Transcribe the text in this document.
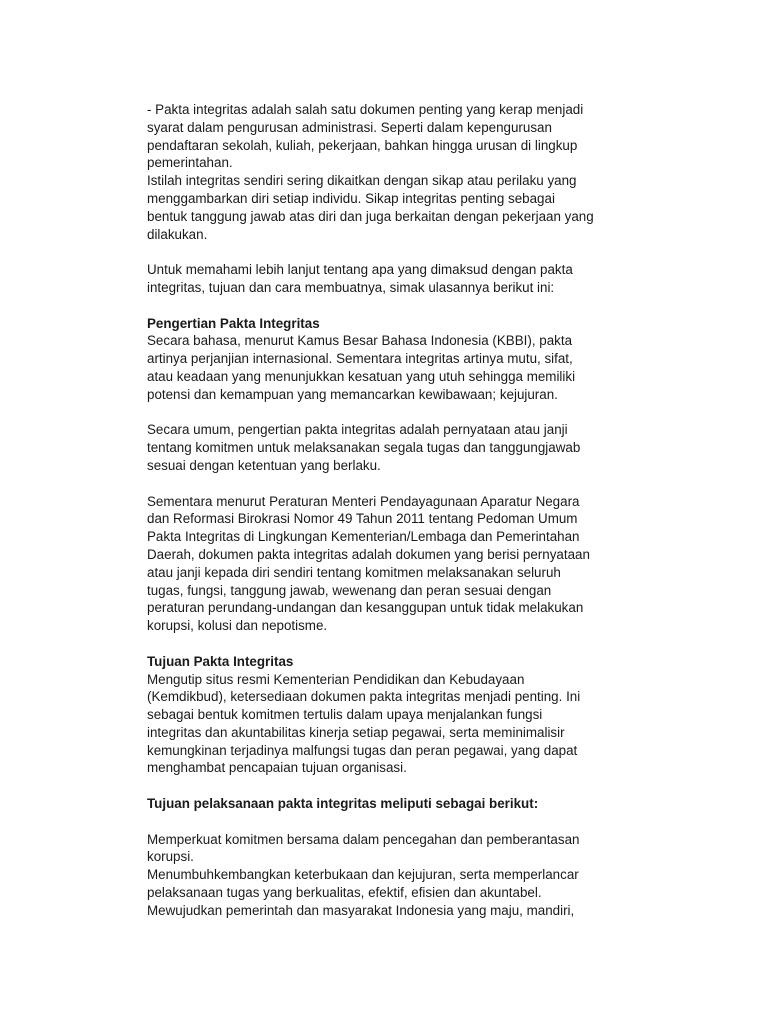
- Pakta integritas adalah salah satu dokumen penting yang kerap menjadi
syarat dalam pengurusan administrasi. Seperti dalam kepengurusan
pendaftaran sekolah, kuliah, pekerjaan, bahkan hingga urusan di lingkup
pemerintahan.
Istilah integritas sendiri sering dikaitkan dengan sikap atau perilaku yang
menggambarkan diri setiap individu. Sikap integritas penting sebagai
bentuk tanggung jawab atas diri dan juga berkaitan dengan pekerjaan yang
dilakukan.
Untuk memahami lebih lanjut tentang apa yang dimaksud dengan pakta
integritas, tujuan dan cara membuatnya, simak ulasannya berikut ini:
Pengertian Pakta Integritas
Secara bahasa, menurut Kamus Besar Bahasa Indonesia (KBBI), pakta
artinya perjanjian internasional. Sementara integritas artinya mutu, sifat,
atau keadaan yang menunjukkan kesatuan yang utuh sehingga memiliki
potensi dan kemampuan yang memancarkan kewibawaan; kejujuran.
Secara umum, pengertian pakta integritas adalah pernyataan atau janji
tentang komitmen untuk melaksanakan segala tugas dan tanggungjawab
sesuai dengan ketentuan yang berlaku.
Sementara menurut Peraturan Menteri Pendayagunaan Aparatur Negara
dan Reformasi Birokrasi Nomor 49 Tahun 2011 tentang Pedoman Umum
Pakta Integritas di Lingkungan Kementerian/Lembaga dan Pemerintahan
Daerah, dokumen pakta integritas adalah dokumen yang berisi pernyataan
atau janji kepada diri sendiri tentang komitmen melaksanakan seluruh
tugas, fungsi, tanggung jawab, wewenang dan peran sesuai dengan
peraturan perundang-undangan dan kesanggupan untuk tidak melakukan
korupsi, kolusi dan nepotisme.
Tujuan Pakta Integritas
Mengutip situs resmi Kementerian Pendidikan dan Kebudayaan
(Kemdikbud), ketersediaan dokumen pakta integritas menjadi penting. Ini
sebagai bentuk komitmen tertulis dalam upaya menjalankan fungsi
integritas dan akuntabilitas kinerja setiap pegawai, serta meminimalisir
kemungkinan terjadinya malfungsi tugas dan peran pegawai, yang dapat
menghambat pencapaian tujuan organisasi.
Tujuan pelaksanaan pakta integritas meliputi sebagai berikut:
Memperkuat komitmen bersama dalam pencegahan dan pemberantasan
korupsi.
Menumbuhkembangkan keterbukaan dan kejujuran, serta memperlancar
pelaksanaan tugas yang berkualitas, efektif, efisien dan akuntabel.
Mewujudkan pemerintah dan masyarakat Indonesia yang maju, mandiri,
